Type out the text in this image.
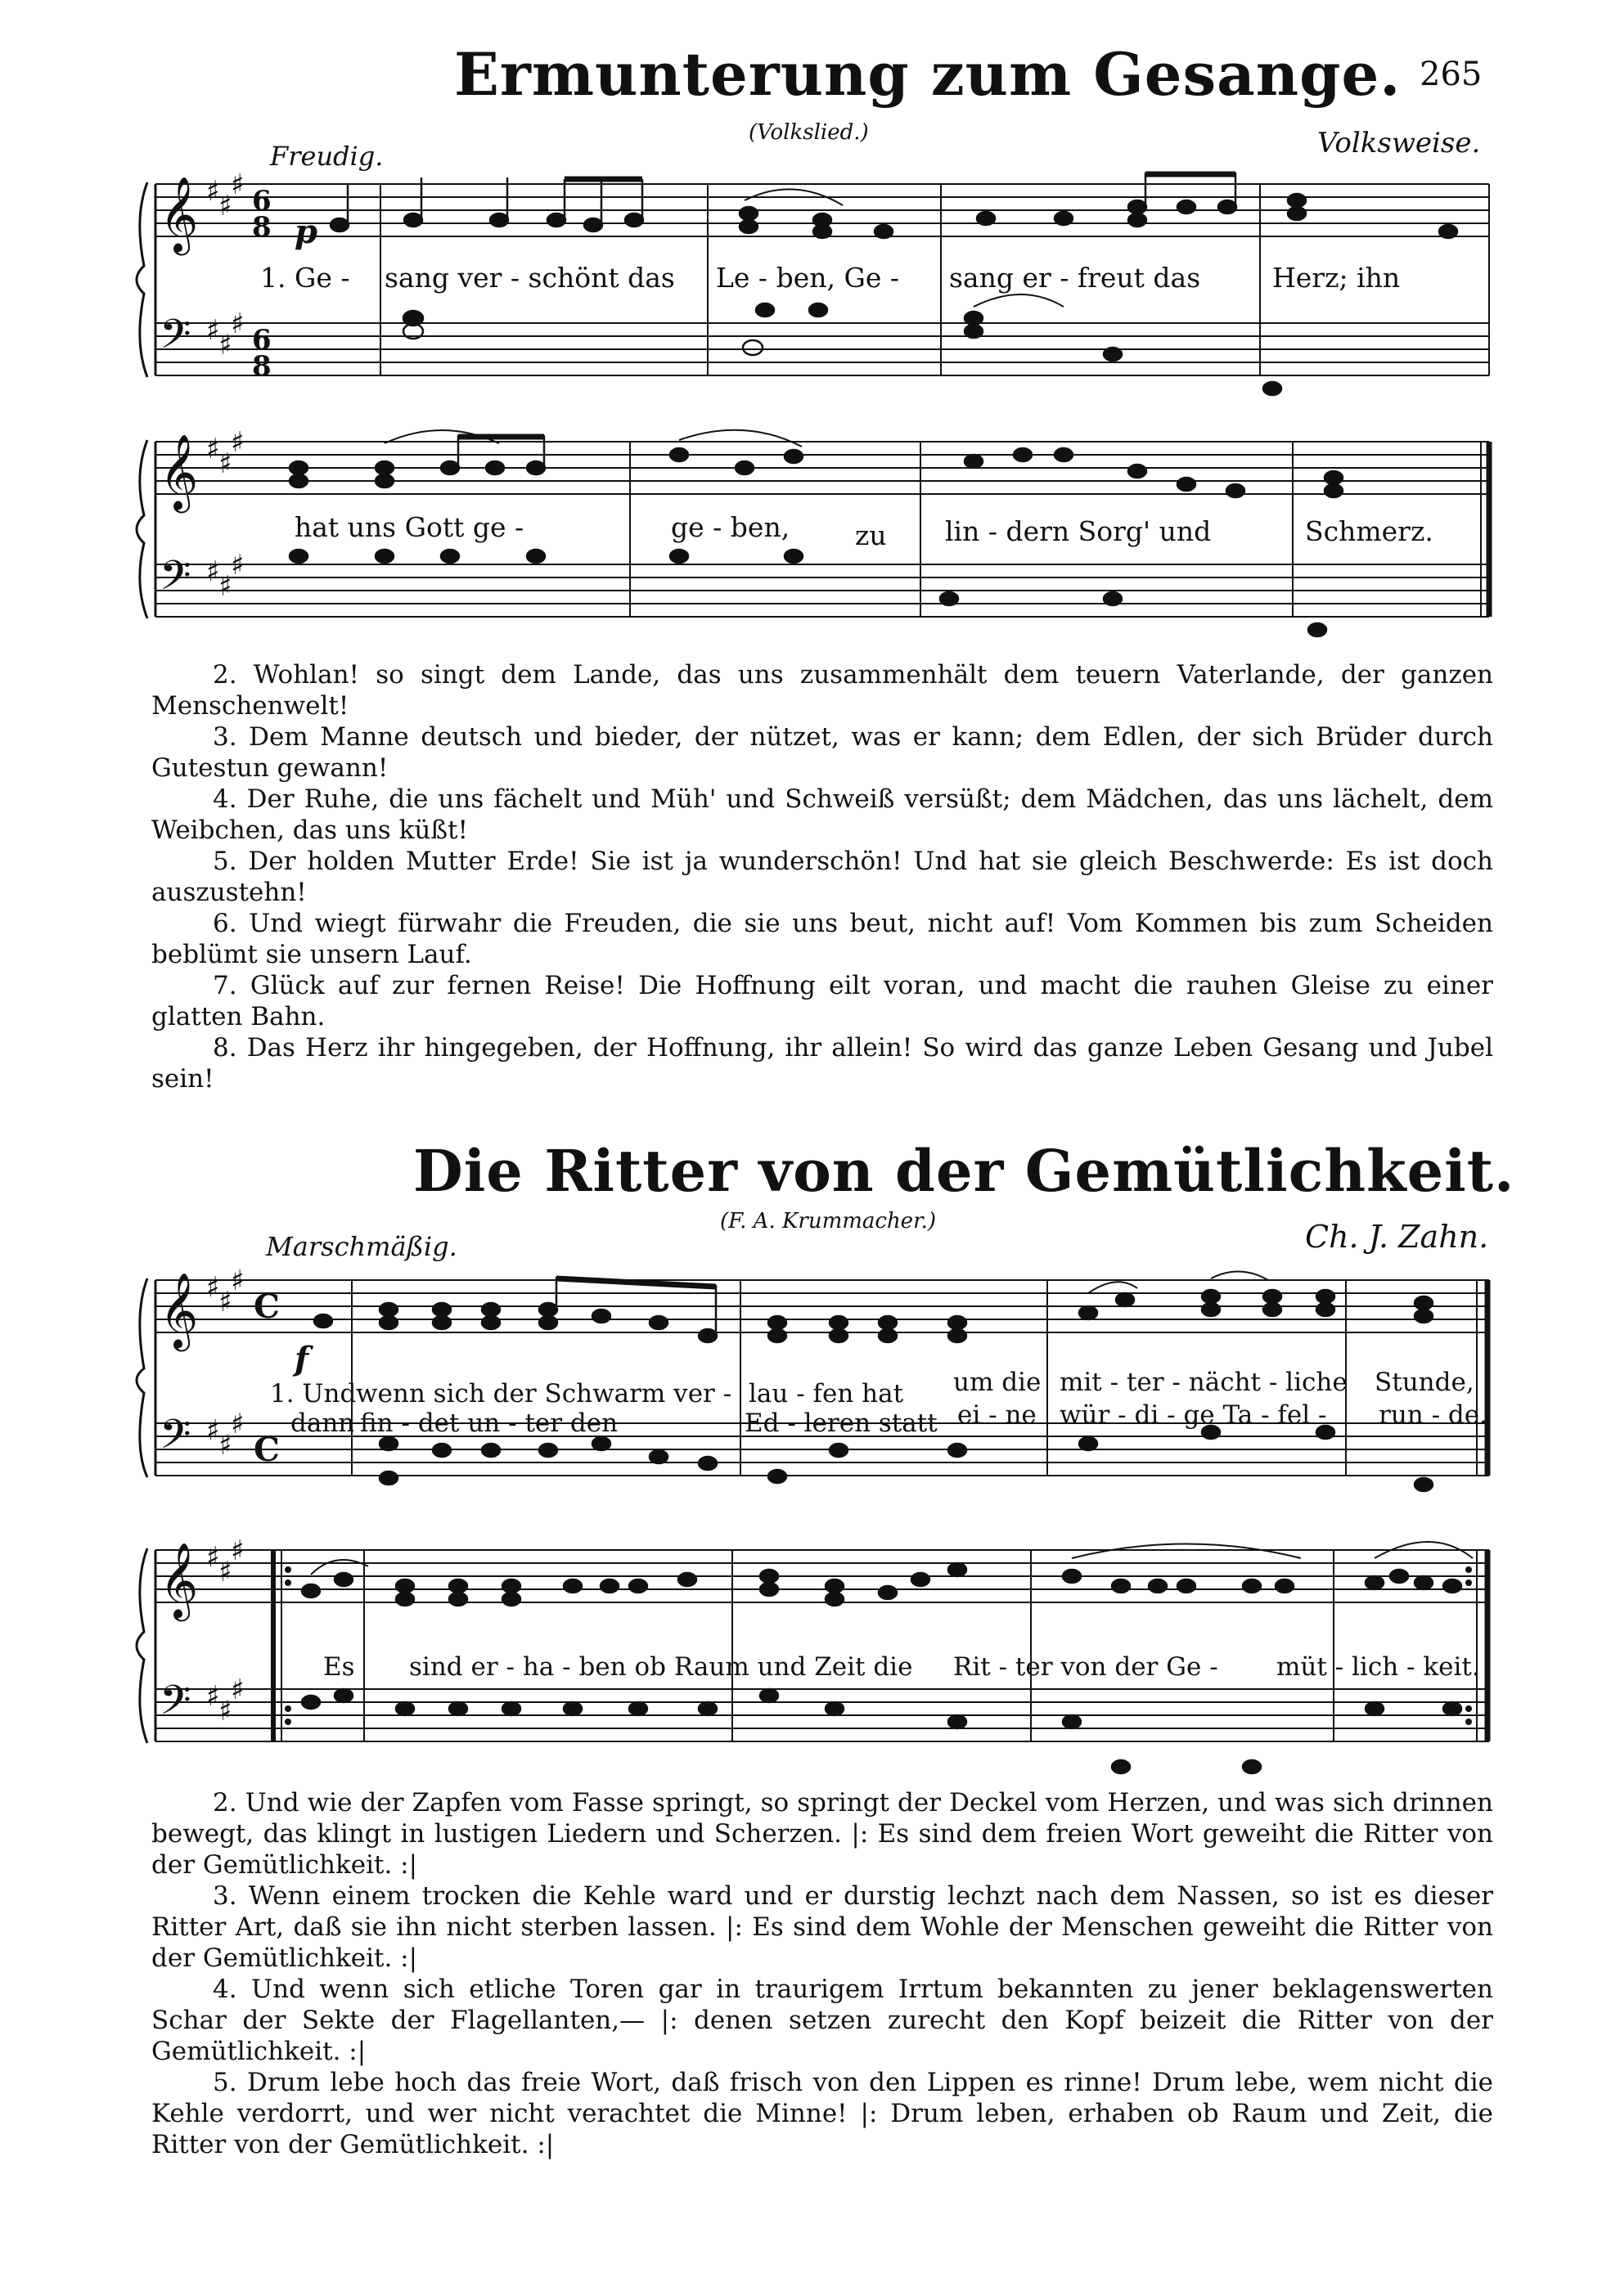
265
Ermunterung zum Gesange.
(Volkslied.)
Freudig.	Volksweise.
𝄞
𝄢
♯
♯
♯
♯
♯
♯
6
8
6
8
p
1. Ge - sang ver - schönt das Le - ben, Ge - sang er - freut das	Herz; ihn
𝄞
𝄢
♯
♯
♯
♯
♯
♯
hat uns Gott ge -	ge - ben, zu lin - dern Sorg' und	Schmerz.

2. Wohlan! so singt dem Lande, das uns zusammenhält dem teuern Vaterlande, der ganzen Menschenwelt!

3. Dem Manne deutsch und bieder, der nützet, was er kann; dem Edlen, der sich Brüder durch Gutestun gewann!

4. Der Ruhe, die uns fächelt und Müh' und Schweiß versüßt; dem Mädchen, das uns lächelt, dem Weibchen, das uns küßt!

5. Der holden Mutter Erde! Sie ist ja wunderschön! Und hat sie gleich Beschwerde: Es ist doch auszustehn!

6. Und wiegt fürwahr die Freuden, die sie uns beut, nicht auf! Vom Kommen bis zum Scheiden beblümt sie unsern Lauf.

7. Glück auf zur fernen Reise! Die Hoffnung eilt voran, und macht die rauhen Gleise zu einer glatten Bahn.

8. Das Herz ihr hingegeben, der Hoffnung, ihr allein! So wird das ganze Leben Gesang und Jubel sein!

Die Ritter von der Gemütlichkeit.
(F. A. Krummacher.)
Marschmäßig.	Ch. J. Zahn.
𝄞
𝄢
♯
♯
♯
♯
♯
♯
C
C
f
1. Und wenn sich der Schwarm ver - lau - fen hat um die mit - ter - nächt - liche Stunde,
dann fin - det un - ter den	Ed - leren statt ei - ne wür - di - ge Ta - fel - run - de.
𝄞
𝄢
♯
♯
♯
♯
♯
♯
Es sind er - ha - ben ob Raum und Zeit die Rit - ter von der Ge - müt - lich - keit.

2. Und wie der Zapfen vom Fasse springt, so springt der Deckel vom Herzen, und was sich drinnen bewegt, das klingt in lustigen Liedern und Scherzen. |: Es sind dem freien Wort geweiht die Ritter von der Gemütlichkeit. :|

3. Wenn einem trocken die Kehle ward und er durstig lechzt nach dem Nassen, so ist es dieser Ritter Art, daß sie ihn nicht sterben lassen. |: Es sind dem Wohle der Menschen geweiht die Ritter von der Gemütlichkeit. :|

4. Und wenn sich etliche Toren gar in traurigem Irrtum bekannten zu jener beklagenswerten Schar der Sekte der Flagellanten,— |: denen setzen zurecht den Kopf beizeit die Ritter von der Gemütlichkeit. :|

5. Drum lebe hoch das freie Wort, daß frisch von den Lippen es rinne! Drum lebe, wem nicht die Kehle verdorrt, und wer nicht verachtet die Minne! |: Drum leben, erhaben ob Raum und Zeit, die Ritter von der Gemütlichkeit. :|
